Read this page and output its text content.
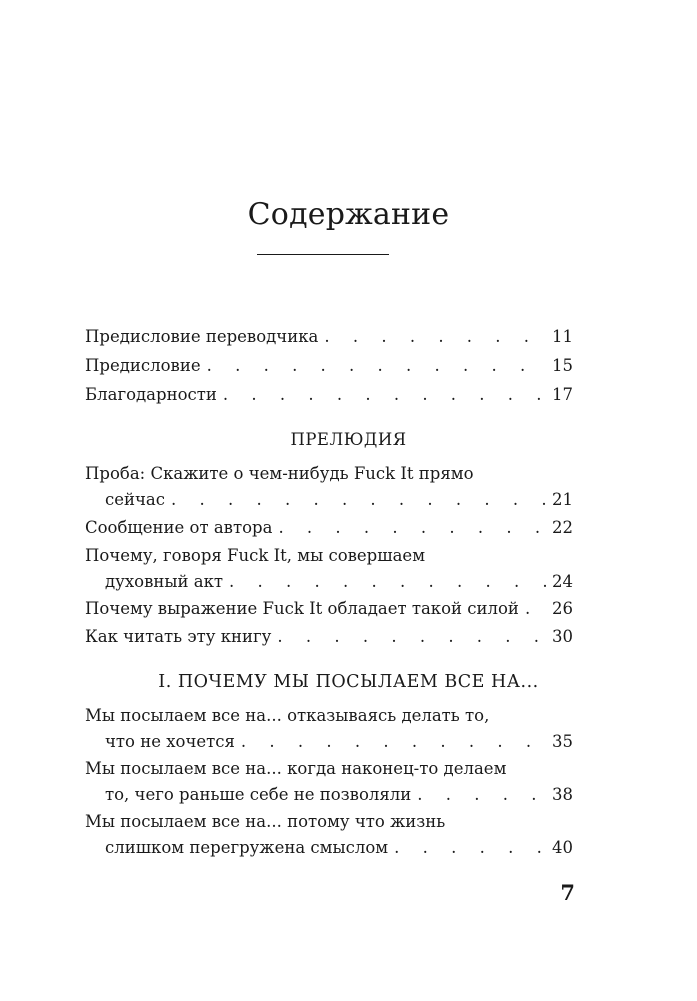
Содержание
Предисловие переводчика . . .	11
Предисловие . . .	15
Благодарности . . .	17
ПРЕЛЮДИЯ
Проба: Скажите о чем-нибудь Fuck It прямо
сейчас . . .	21
Сообщение от автора . . .	22
Почему, говоря Fuck It, мы совершаем
духовный акт . . .	24
Почему выражение Fuck It обладает такой силой . . . 26
Как читать эту книгу . . .	30
I. ПОЧЕМУ МЫ ПОСЫЛАЕМ ВСЕ НА...
Мы посылаем все на... отказываясь делать то,
что не хочется . . .	35
Мы посылаем все на... когда наконец-то делаем
то, чего раньше себе не позволяли . . .	38
Мы посылаем все на... потому что жизнь
слишком перегружена смыслом . . .	40
7
